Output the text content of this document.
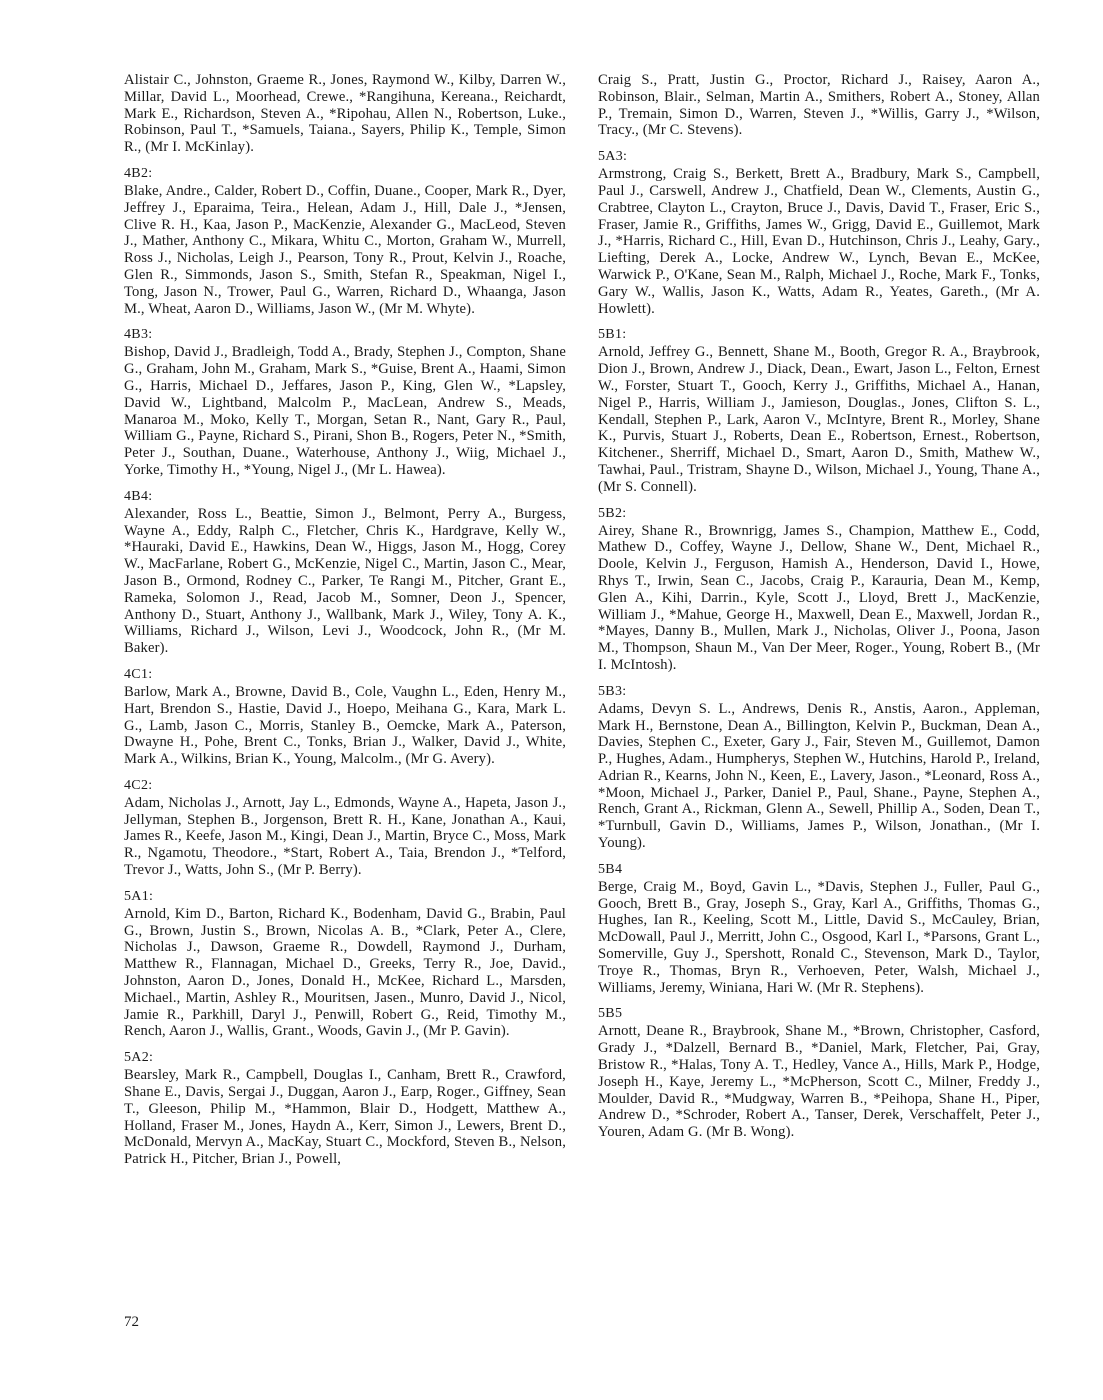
Alistair C., Johnston, Graeme R., Jones, Raymond W., Kilby, Darren W., Millar, David L., Moorhead, Crewe., *Rangihuna, Kereana., Reichardt, Mark E., Richardson, Steven A., *Ripohau, Allen N., Robertson, Luke., Robinson, Paul T., *Samuels, Taiana., Sayers, Philip K., Temple, Simon R., (Mr I. McKinlay).

4B2:

Blake, Andre., Calder, Robert D., Coffin, Duane., Cooper, Mark R., Dyer, Jeffrey J., Eparaima, Teira., Helean, Adam J., Hill, Dale J., *Jensen, Clive R. H., Kaa, Jason P., MacKenzie, Alexander G., MacLeod, Steven J., Mather, Anthony C., Mikara, Whitu C., Morton, Graham W., Murrell, Ross J., Nicholas, Leigh J., Pearson, Tony R., Prout, Kelvin J., Roache, Glen R., Simmonds, Jason S., Smith, Stefan R., Speakman, Nigel I., Tong, Jason N., Trower, Paul G., Warren, Richard D., Whaanga, Jason M., Wheat, Aaron D., Williams, Jason W., (Mr M. Whyte).

4B3:

Bishop, David J., Bradleigh, Todd A., Brady, Stephen J., Compton, Shane G., Graham, John M., Graham, Mark S., *Guise, Brent A., Haami, Simon G., Harris, Michael D., Jeffares, Jason P., King, Glen W., *Lapsley, David W., Lightband, Malcolm P., MacLean, Andrew S., Meads, Manaroa M., Moko, Kelly T., Morgan, Setan R., Nant, Gary R., Paul, William G., Payne, Richard S., Pirani, Shon B., Rogers, Peter N., *Smith, Peter J., Southan, Duane., Waterhouse, Anthony J., Wiig, Michael J., Yorke, Timothy H., *Young, Nigel J., (Mr L. Hawea).

4B4:

Alexander, Ross L., Beattie, Simon J., Belmont, Perry A., Burgess, Wayne A., Eddy, Ralph C., Fletcher, Chris K., Hardgrave, Kelly W., *Hauraki, David E., Hawkins, Dean W., Higgs, Jason M., Hogg, Corey W., MacFarlane, Robert G., McKenzie, Nigel C., Martin, Jason C., Mear, Jason B., Ormond, Rodney C., Parker, Te Rangi M., Pitcher, Grant E., Rameka, Solomon J., Read, Jacob M., Somner, Deon J., Spencer, Anthony D., Stuart, Anthony J., Wallbank, Mark J., Wiley, Tony A. K., Williams, Richard J., Wilson, Levi J., Woodcock, John R., (Mr M. Baker).

4C1:

Barlow, Mark A., Browne, David B., Cole, Vaughn L., Eden, Henry M., Hart, Brendon S., Hastie, David J., Hoepo, Meihana G., Kara, Mark L. G., Lamb, Jason C., Morris, Stanley B., Oemcke, Mark A., Paterson, Dwayne H., Pohe, Brent C., Tonks, Brian J., Walker, David J., White, Mark A., Wilkins, Brian K., Young, Malcolm., (Mr G. Avery).

4C2:

Adam, Nicholas J., Arnott, Jay L., Edmonds, Wayne A., Hapeta, Jason J., Jellyman, Stephen B., Jorgenson, Brett R. H., Kane, Jonathan A., Kaui, James R., Keefe, Jason M., Kingi, Dean J., Martin, Bryce C., Moss, Mark R., Ngamotu, Theodore., *Start, Robert A., Taia, Brendon J., *Telford, Trevor J., Watts, John S., (Mr P. Berry).

5A1:

Arnold, Kim D., Barton, Richard K., Bodenham, David G., Brabin, Paul G., Brown, Justin S., Brown, Nicolas A. B., *Clark, Peter A., Clere, Nicholas J., Dawson, Graeme R., Dowdell, Raymond J., Durham, Matthew R., Flannagan, Michael D., Greeks, Terry R., Joe, David., Johnston, Aaron D., Jones, Donald H., McKee, Richard L., Marsden, Michael., Martin, Ashley R., Mouritsen, Jasen., Munro, David J., Nicol, Jamie R., Parkhill, Daryl J., Penwill, Robert G., Reid, Timothy M., Rench, Aaron J., Wallis, Grant., Woods, Gavin J., (Mr P. Gavin).

5A2:

Bearsley, Mark R., Campbell, Douglas I., Canham, Brett R., Crawford, Shane E., Davis, Sergai J., Duggan, Aaron J., Earp, Roger., Giffney, Sean T., Gleeson, Philip M., *Hammon, Blair D., Hodgett, Matthew A., Holland, Fraser M., Jones, Haydn A., Kerr, Simon J., Lewers, Brent D., McDonald, Mervyn A., MacKay, Stuart C., Mockford, Steven B., Nelson, Patrick H., Pitcher, Brian J., Powell,

Craig S., Pratt, Justin G., Proctor, Richard J., Raisey, Aaron A., Robinson, Blair., Selman, Martin A., Smithers, Robert A., Stoney, Allan P., Tremain, Simon D., Warren, Steven J., *Willis, Garry J., *Wilson, Tracy., (Mr C. Stevens).

5A3:

Armstrong, Craig S., Berkett, Brett A., Bradbury, Mark S., Campbell, Paul J., Carswell, Andrew J., Chatfield, Dean W., Clements, Austin G., Crabtree, Clayton L., Crayton, Bruce J., Davis, David T., Fraser, Eric S., Fraser, Jamie R., Griffiths, James W., Grigg, David E., Guillemot, Mark J., *Harris, Richard C., Hill, Evan D., Hutchinson, Chris J., Leahy, Gary., Liefting, Derek A., Locke, Andrew W., Lynch, Bevan E., McKee, Warwick P., O'Kane, Sean M., Ralph, Michael J., Roche, Mark F., Tonks, Gary W., Wallis, Jason K., Watts, Adam R., Yeates, Gareth., (Mr A. Howlett).

5B1:

Arnold, Jeffrey G., Bennett, Shane M., Booth, Gregor R. A., Braybrook, Dion J., Brown, Andrew J., Diack, Dean., Ewart, Jason L., Felton, Ernest W., Forster, Stuart T., Gooch, Kerry J., Griffiths, Michael A., Hanan, Nigel P., Harris, William J., Jamieson, Douglas., Jones, Clifton S. L., Kendall, Stephen P., Lark, Aaron V., McIntyre, Brent R., Morley, Shane K., Purvis, Stuart J., Roberts, Dean E., Robertson, Ernest., Robertson, Kitchener., Sherriff, Michael D., Smart, Aaron D., Smith, Mathew W., Tawhai, Paul., Tristram, Shayne D., Wilson, Michael J., Young, Thane A., (Mr S. Connell).

5B2:

Airey, Shane R., Brownrigg, James S., Champion, Matthew E., Codd, Mathew D., Coffey, Wayne J., Dellow, Shane W., Dent, Michael R., Doole, Kelvin J., Ferguson, Hamish A., Henderson, David I., Howe, Rhys T., Irwin, Sean C., Jacobs, Craig P., Karauria, Dean M., Kemp, Glen A., Kihi, Darrin., Kyle, Scott J., Lloyd, Brett J., MacKenzie, William J., *Mahue, George H., Maxwell, Dean E., Maxwell, Jordan R., *Mayes, Danny B., Mullen, Mark J., Nicholas, Oliver J., Poona, Jason M., Thompson, Shaun M., Van Der Meer, Roger., Young, Robert B., (Mr I. McIntosh).

5B3:

Adams, Devyn S. L., Andrews, Denis R., Anstis, Aaron., Appleman, Mark H., Bernstone, Dean A., Billington, Kelvin P., Buckman, Dean A., Davies, Stephen C., Exeter, Gary J., Fair, Steven M., Guillemot, Damon P., Hughes, Adam., Humpherys, Stephen W., Hutchins, Harold P., Ireland, Adrian R., Kearns, John N., Keen, E., Lavery, Jason., *Leonard, Ross A., *Moon, Michael J., Parker, Daniel P., Paul, Shane., Payne, Stephen A., Rench, Grant A., Rickman, Glenn A., Sewell, Phillip A., Soden, Dean T., *Turnbull, Gavin D., Williams, James P., Wilson, Jonathan., (Mr I. Young).

5B4

Berge, Craig M., Boyd, Gavin L., *Davis, Stephen J., Fuller, Paul G., Gooch, Brett B., Gray, Joseph S., Gray, Karl A., Griffiths, Thomas G., Hughes, Ian R., Keeling, Scott M., Little, David S., McCauley, Brian, McDowall, Paul J., Merritt, John C., Osgood, Karl I., *Parsons, Grant L., Somerville, Guy J., Spershott, Ronald C., Stevenson, Mark D., Taylor, Troye R., Thomas, Bryn R., Verhoeven, Peter, Walsh, Michael J., Williams, Jeremy, Winiana, Hari W. (Mr R. Stephens).

5B5

Arnott, Deane R., Braybrook, Shane M., *Brown, Christopher, Casford, Grady J., *Dalzell, Bernard B., *Daniel, Mark, Fletcher, Pai, Gray, Bristow R., *Halas, Tony A. T., Hedley, Vance A., Hills, Mark P., Hodge, Joseph H., Kaye, Jeremy L., *McPherson, Scott C., Milner, Freddy J., Moulder, David R., *Mudgway, Warren B., *Peihopa, Shane H., Piper, Andrew D., *Schroder, Robert A., Tanser, Derek, Verschaffelt, Peter J., Youren, Adam G. (Mr B. Wong).

72
